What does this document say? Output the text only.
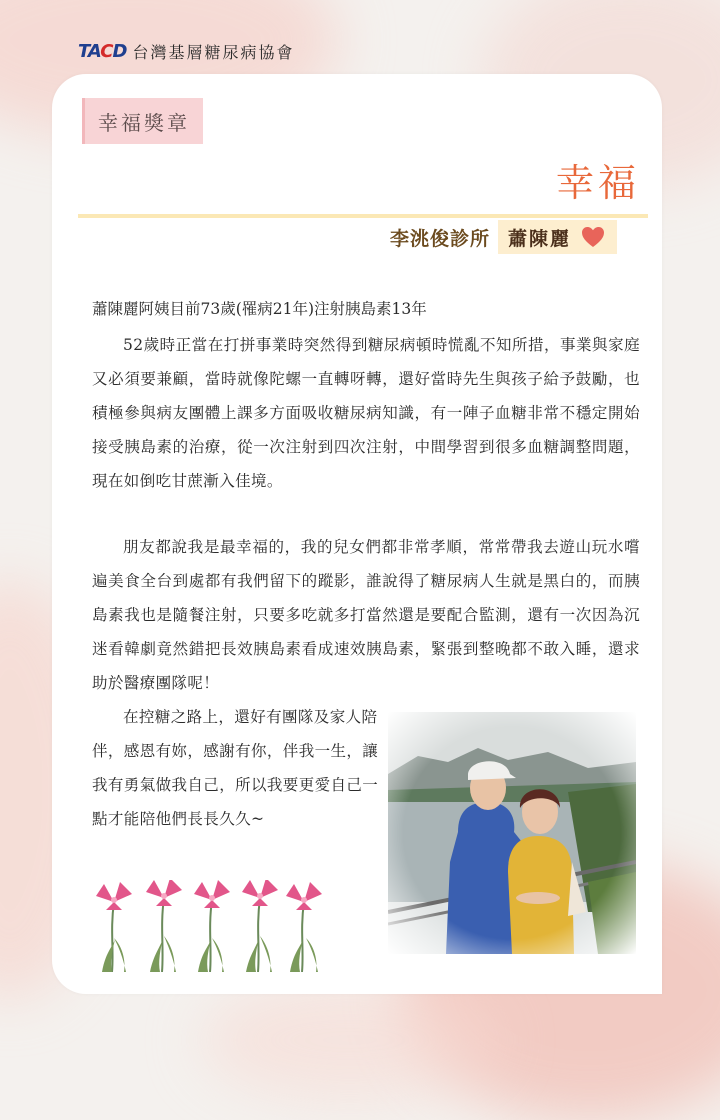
TACD 台灣基層糖尿病協會
幸福獎章
幸福
李洮俊診所 蕭陳麗
蕭陳麗阿姨目前73歲(罹病21年)注射胰島素13年
52歲時正當在打拼事業時突然得到糖尿病頓時慌亂不知所措，事業與家庭又必須要兼顧，當時就像陀螺一直轉呀轉，還好當時先生與孩子給予鼓勵，也積極參與病友團體上課多方面吸收糖尿病知識，有一陣子血糖非常不穩定開始接受胰島素的治療，從一次注射到四次注射，中間學習到很多血糖調整問題，現在如倒吃甘蔗漸入佳境。
朋友都說我是最幸福的，我的兒女們都非常孝順，常常帶我去遊山玩水嚐遍美食全台到處都有我們留下的蹤影，誰說得了糖尿病人生就是黑白的，而胰島素我也是隨餐注射，只要多吃就多打當然還是要配合監測，還有一次因為沉迷看韓劇竟然錯把長效胰島素看成速效胰島素，緊張到整晚都不敢入睡，還求助於醫療團隊呢！
在控糖之路上，還好有團隊及家人陪伴，感恩有妳，感謝有你，伴我一生，讓我有勇氣做我自己，所以我要更愛自己一點才能陪他們長長久久~
